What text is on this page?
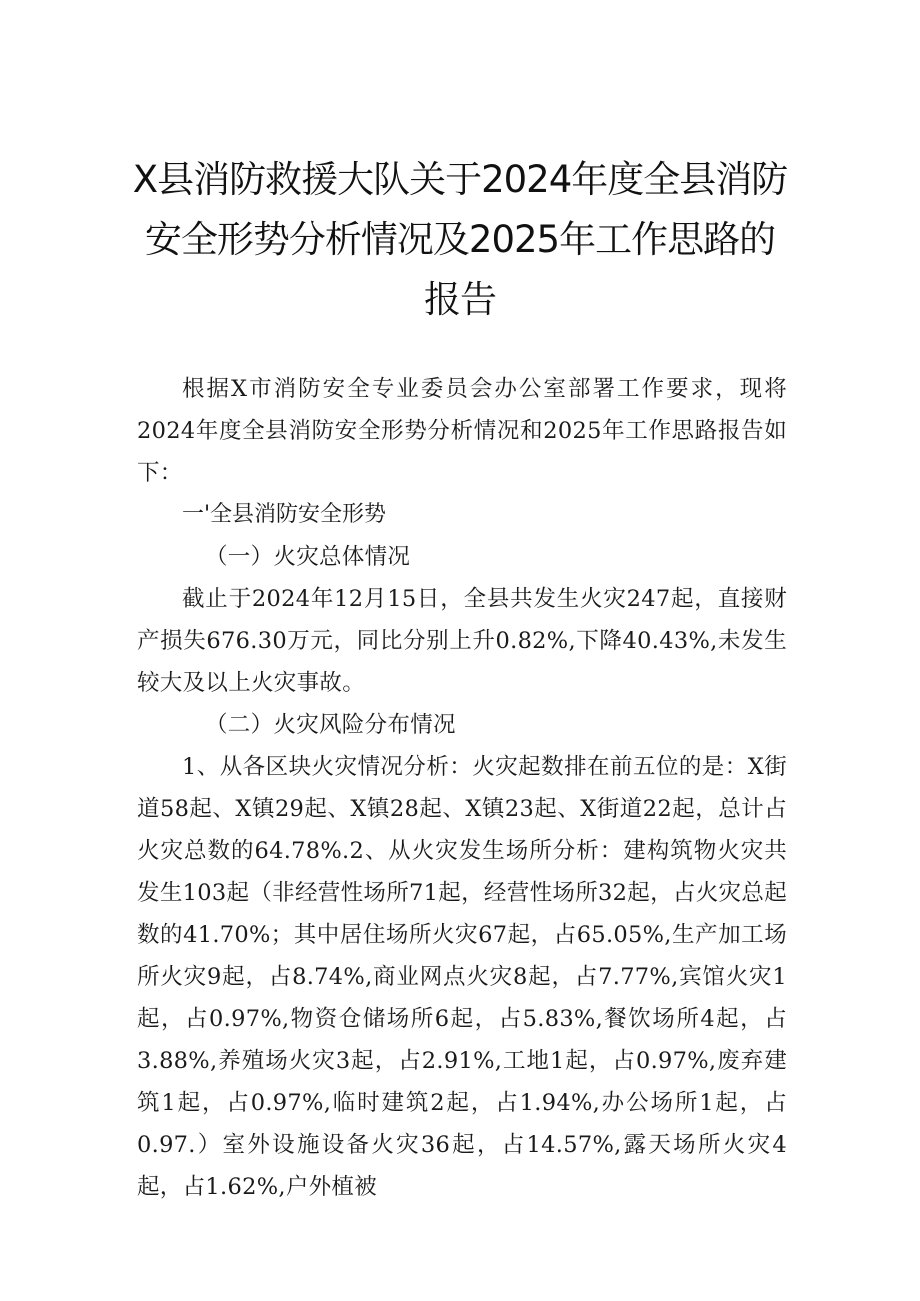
X县消防救援大队关于2024年度全县消防安全形势分析情况及2025年工作思路的报告

根据X市消防安全专业委员会办公室部署工作要求，现将2024年度全县消防安全形势分析情况和2025年工作思路报告如下：

一'全县消防安全形势

（一）火灾总体情况

截止于2024年12月15日，全县共发生火灾247起，直接财产损失676.30万元，同比分别上升0.82%,下降40.43%,未发生较大及以上火灾事故。

（二）火灾风险分布情况

1、从各区块火灾情况分析：火灾起数排在前五位的是：X街道58起、X镇29起、X镇28起、X镇23起、X街道22起，总计占火灾总数的64.78%.2、从火灾发生场所分析：建构筑物火灾共发生103起（非经营性场所71起，经营性场所32起，占火灾总起数的41.70%；其中居住场所火灾67起，占65.05%,生产加工场所火灾9起，占8.74%,商业网点火灾8起，占7.77%,宾馆火灾1起，占0.97%,物资仓储场所6起，占5.83%,餐饮场所4起，占3.88%,养殖场火灾3起，占2.91%,工地1起，占0.97%,废弃建筑1起，占0.97%,临时建筑2起，占1.94%,办公场所1起，占0.97.）室外设施设备火灾36起，占14.57%,露天场所火灾4起，占1.62%,户外植被
